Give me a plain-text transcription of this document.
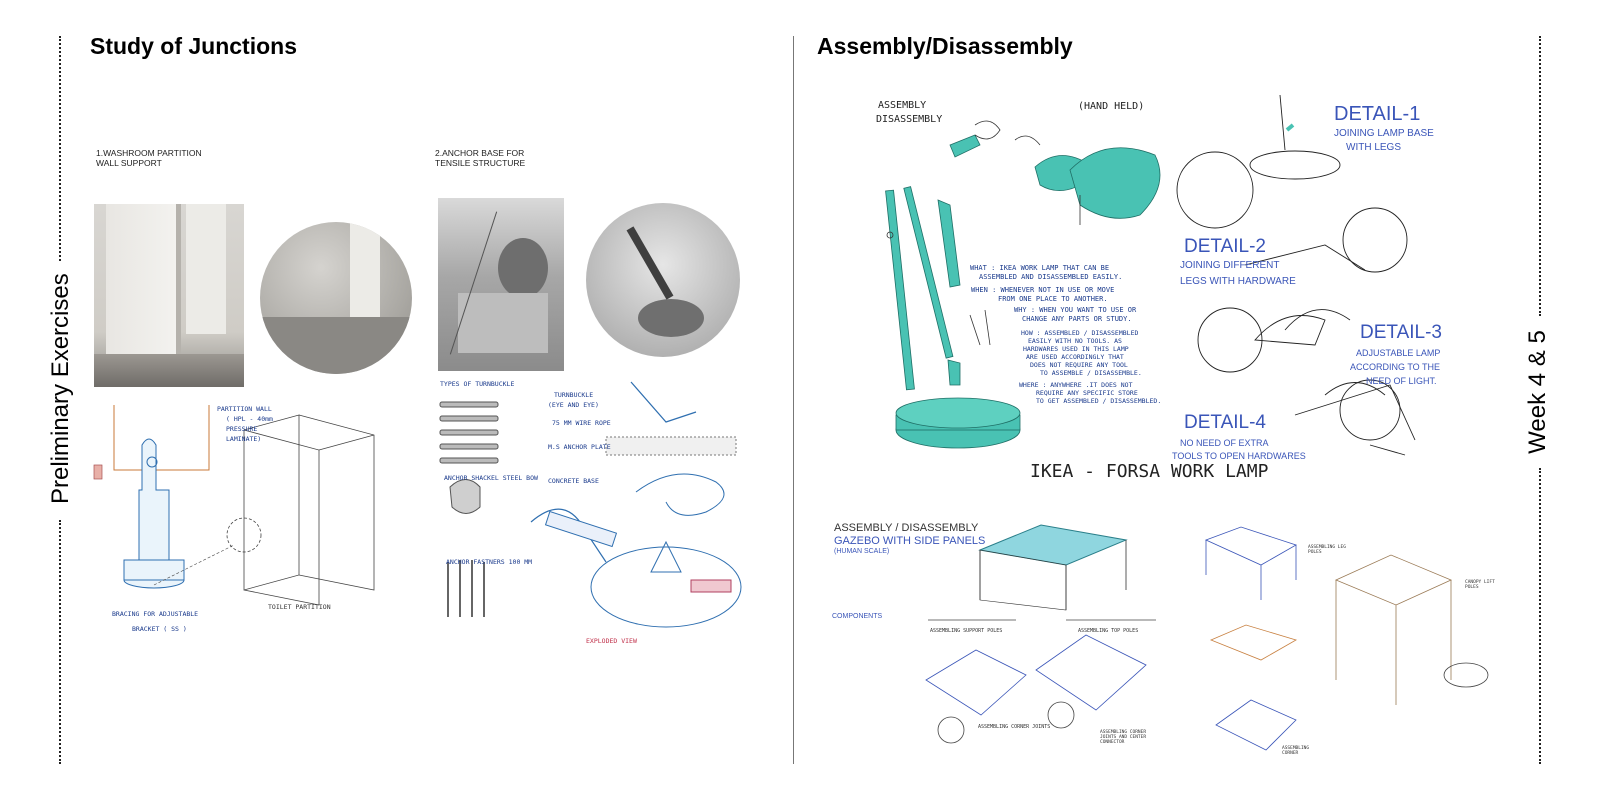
Preliminary Exercises	Week 4 & 5
Study of Junctions
1.WASHROOM PARTITION WALL SUPPORT
2.ANCHOR BASE FOR TENSILE STRUCTURE
PARTITION WALL
( HPL - 40mm
PRESSURE
LAMINATE)
BRACING FOR ADJUSTABLE
BRACKET ( SS )
TOILET PARTITION
TYPES OF TURNBUCKLE
TURNBUCKLE
(EYE AND EYE)
75 MM WIRE ROPE
M.S ANCHOR PLATE
CONCRETE BASE
ANCHOR SHACKEL STEEL BOW
ANCHOR FASTNERS 100 MM
EXPLODED VIEW
Assembly/Disassembly
ASSEMBLY
DISASSEMBLY
(HAND HELD)
WHAT : IKEA WORK LAMP THAT CAN BE
ASSEMBLED AND DISASSEMBLED EASILY.
WHEN : WHENEVER NOT IN USE OR MOVE
FROM ONE PLACE TO ANOTHER.
WHY : WHEN YOU WANT TO USE OR
CHANGE ANY PARTS OR STUDY.
HOW : ASSEMBLED / DISASSEMBLED
EASILY WITH NO TOOLS. AS
HARDWARES USED IN THIS LAMP
ARE USED ACCORDINGLY THAT
DOES NOT REQUIRE ANY TOOL
TO ASSEMBLE / DISASSEMBLE.
WHERE : ANYWHERE .IT DOES NOT
REQUIRE ANY SPECIFIC STORE
TO GET ASSEMBLED / DISASSEMBLED.
DETAIL-1
JOINING LAMP BASE
WITH LEGS
DETAIL-2
JOINING DIFFERENT
LEGS WITH HARDWARE
DETAIL-3
ADJUSTABLE LAMP
ACCORDING TO THE
NEED OF LIGHT.
DETAIL-4
NO NEED OF EXTRA
TOOLS TO OPEN HARDWARES
IKEA - FORSA WORK LAMP
ASSEMBLY / DISASSEMBLY
GAZEBO WITH SIDE PANELS
(HUMAN SCALE)
COMPONENTS
ASSEMBLING SUPPORT POLES	ASSEMBLING TOP POLES
ASSEMBLING CORNER JOINTS
ASSEMBLING CORNER JOINTS AND CENTER CONNECTOR
ASSEMBLING LEG POLES
ASSEMBLING CORNER
CANOPY LIFT POLES
